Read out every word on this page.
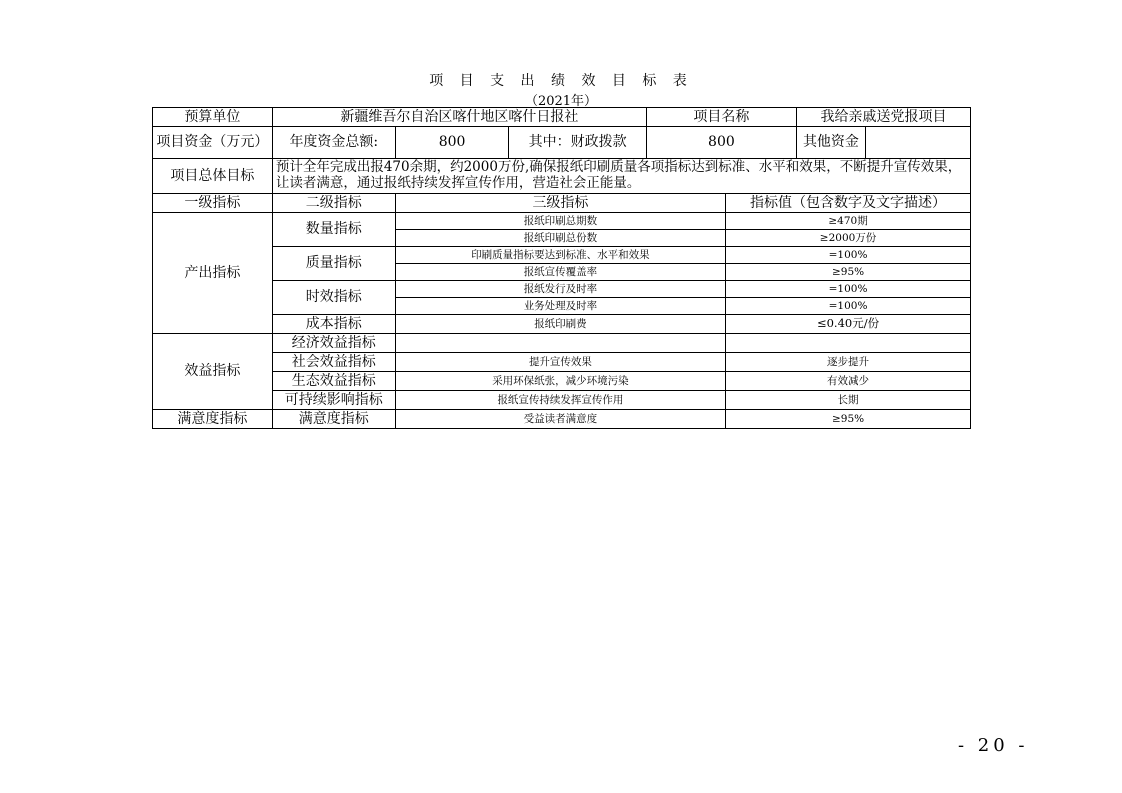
项 目 支 出 绩 效 目 标 表
（2021年）
预算单位	新疆维吾尔自治区喀什地区喀什日报社			项目名称		我给亲戚送党报项目
项目资金（万元）	年度资金总额:	800	其中：财政拨款	800		其他资金

项目总体目标	预计全年完成出报470余期，约2000万份,确保报纸印刷质量各项指标达到标准、水平和效果，不断提升宣传效果，让读者满意，通过报纸持续发挥宣传作用，营造社会正能量。					
一级指标	二级指标	三级指标			指标值（包含数字及文字描述）	
产出指标	数量指标	报纸印刷总期数			≥470期	
		报纸印刷总份数			≥2000万份	
	质量指标	印刷质量指标要达到标准、水平和效果			=100%	
		报纸宣传覆盖率			≥95%	
	时效指标	报纸发行及时率			=100%	
		业务处理及时率			=100%	
	成本指标	报纸印刷费			≤0.40元/份	
效益指标	经济效益指标					
	社会效益指标	提升宣传效果			逐步提升	
	生态效益指标	采用环保纸张，减少环境污染			有效减少	
	可持续影响指标	报纸宣传持续发挥宣传作用			长期	
满意度指标	满意度指标	受益读者满意度			≥95%	
- 20 -
